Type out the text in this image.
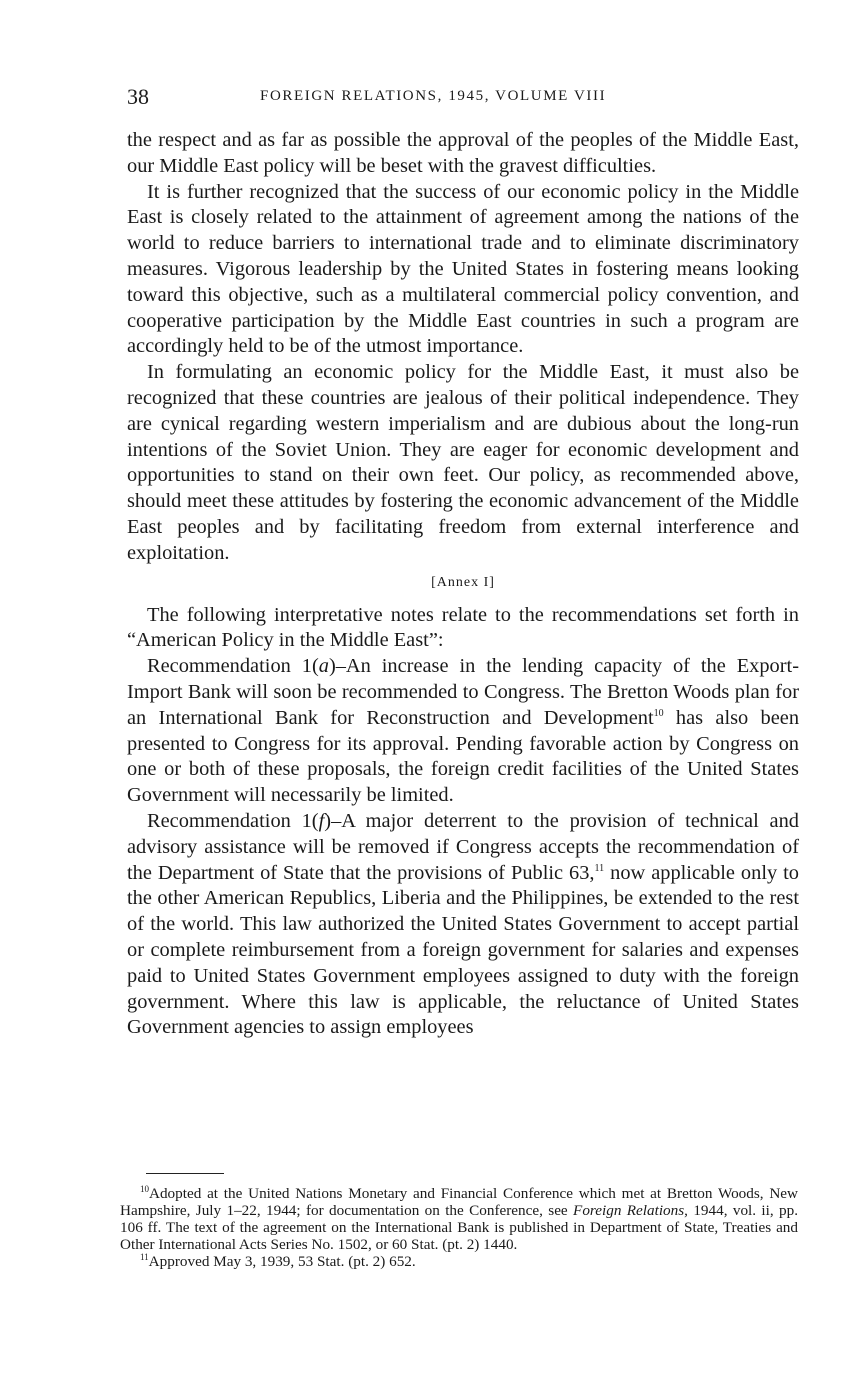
38	FOREIGN RELATIONS, 1945, VOLUME VIII

the respect and as far as possible the approval of the peoples of the Middle East, our Middle East policy will be beset with the gravest difficulties.

It is further recognized that the success of our economic policy in the Middle East is closely related to the attainment of agreement among the nations of the world to reduce barriers to international trade and to eliminate discriminatory measures. Vigorous leadership by the United States in fostering means looking toward this objective, such as a multilateral commercial policy convention, and cooperative participation by the Middle East countries in such a program are accordingly held to be of the utmost importance.

In formulating an economic policy for the Middle East, it must also be recognized that these countries are jealous of their political independence. They are cynical regarding western imperialism and are dubious about the long-run intentions of the Soviet Union. They are eager for economic development and opportunities to stand on their own feet. Our policy, as recommended above, should meet these attitudes by fostering the economic advancement of the Middle East peoples and by facilitating freedom from external interference and exploitation.

[Annex I]

The following interpretative notes relate to the recommendations set forth in “American Policy in the Middle East”:

Recommendation 1(a)–An increase in the lending capacity of the Export-Import Bank will soon be recommended to Congress. The Bretton Woods plan for an International Bank for Reconstruction and Development$^{10}$ has also been presented to Congress for its approval. Pending favorable action by Congress on one or both of these proposals, the foreign credit facilities of the United States Government will necessarily be limited.

Recommendation 1(f)–A major deterrent to the provision of technical and advisory assistance will be removed if Congress accepts the recommendation of the Department of State that the provisions of Public 63,11 now applicable only to the other American Republics, Liberia and the Philippines, be extended to the rest of the world. This law authorized the United States Government to accept partial or complete reimbursement from a foreign government for salaries and expenses paid to United States Government employees assigned to duty with the foreign government. Where this law is applicable, the reluctance of United States Government agencies to assign employees

$^{10}$Adopted at the United Nations Monetary and Financial Conference which met at Bretton Woods, New Hampshire, July 1–22, 1944; for documentation on the Conference, see Foreign Relations, 1944, vol. ii, pp. 106 ff. The text of the agreement on the International Bank is published in Department of State, Treaties and Other International Acts Series No. 1502, or 60 Stat. (pt. 2) 1440.

$^{11}$Approved May 3, 1939, 53 Stat. (pt. 2) 652.
